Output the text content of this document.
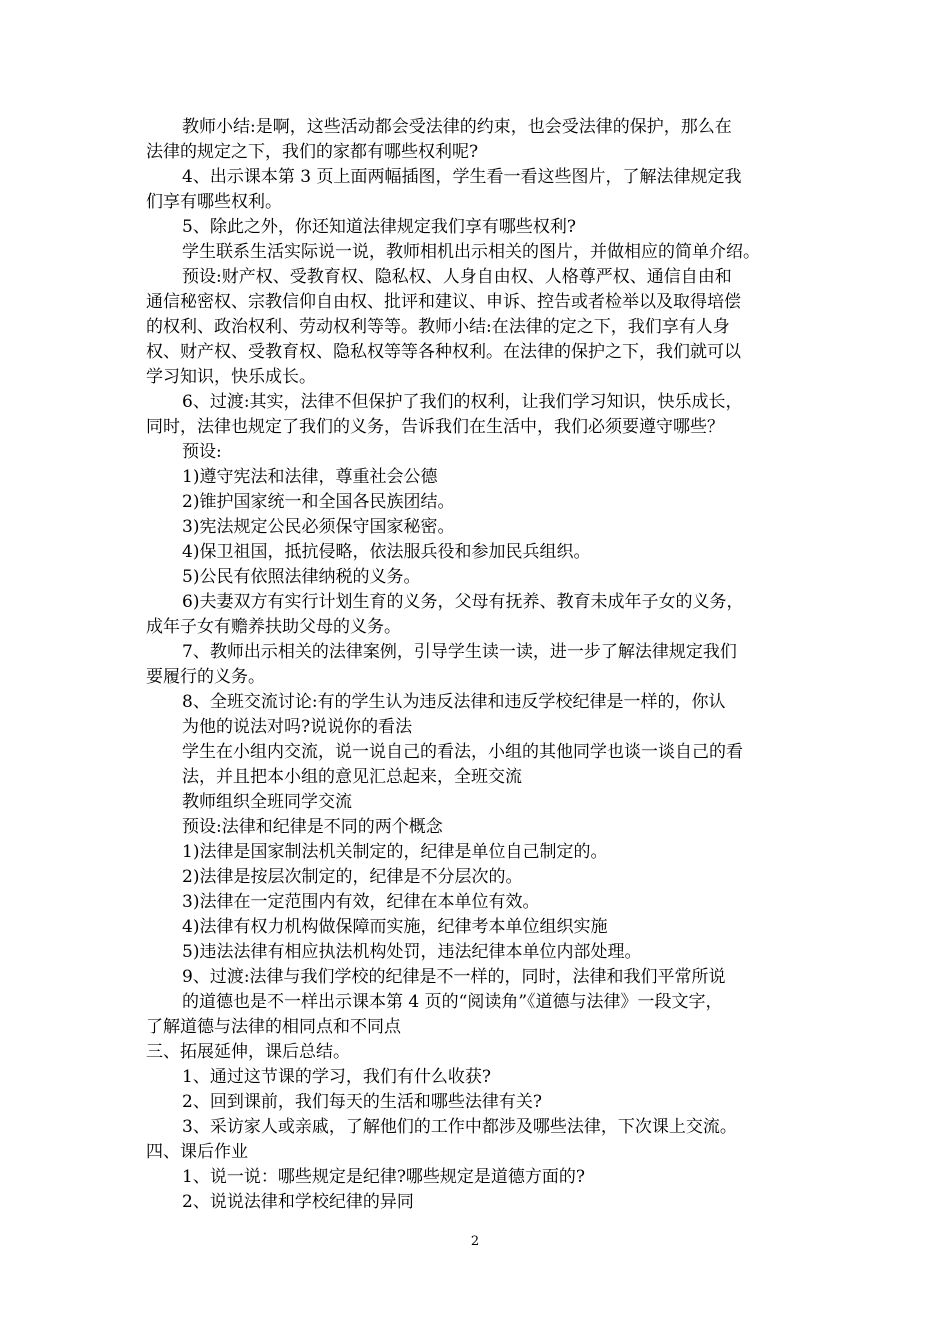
教师小结:是啊，这些活动都会受法律的约束，也会受法律的保护，那么在
法律的规定之下，我们的家都有哪些权利呢?
4、出示课本第 3 页上面两幅插图，学生看一看这些图片，了解法律规定我
们享有哪些权利。
5、除此之外，你还知道法律规定我们享有哪些权利?
学生联系生活实际说一说，教师相机出示相关的图片，并做相应的简单介绍。
预设:财产权、受教育权、隐私权、人身自由权、人格尊严权、通信自由和
通信秘密权、宗教信仰自由权、批评和建议、申诉、控告或者检举以及取得培偿
的权利、政治权利、劳动权利等等。教师小结:在法律的定之下，我们享有人身
权、财产权、受教育权、隐私权等等各种权利。在法律的保护之下，我们就可以
学习知识，快乐成长。
6、过渡:其实，法律不但保护了我们的权利，让我们学习知识，快乐成长，
同时，法律也规定了我们的义务，告诉我们在生活中，我们必须要遵守哪些？
预设:
1)遵守宪法和法律，尊重社会公德
2)锥护国家统一和全国各民族团结。
3)宪法规定公民必须保守国家秘密。
4)保卫祖国，抵抗侵略，依法服兵役和参加民兵组织。
5)公民有依照法律纳税的义务。
6)夫妻双方有实行计划生育的义务，父母有抚养、教育未成年子女的义务，
成年子女有赡养扶助父母的义务。
7、教师出示相关的法律案例，引导学生读一读，进一步了解法律规定我们
要履行的义务。
8、全班交流讨论:有的学生认为违反法律和违反学校纪律是一样的，你认
为他的说法对吗?说说你的看法
学生在小组内交流，说一说自己的看法，小组的其他同学也谈一谈自己的看
法，并且把本小组的意见汇总起来，全班交流
教师组织全班同学交流
预设:法律和纪律是不同的两个概念
1)法律是国家制法机关制定的，纪律是单位自己制定的。
2)法律是按层次制定的，纪律是不分层次的。
3)法律在一定范围内有效，纪律在本单位有效。
4)法律有权力机构做保障而实施，纪律考本单位组织实施
5)违法法律有相应执法机构处罚，违法纪律本单位内部处理。
9、过渡:法律与我们学校的纪律是不一样的，同时，法律和我们平常所说
的道德也是不一样出示课本第 4 页的“阅读角”《道德与法律》一段文字，
了解道德与法律的相同点和不同点
三、拓展延伸，课后总结。
1、通过这节课的学习，我们有什么收获?
2、回到课前，我们每天的生活和哪些法律有关?
3、采访家人或亲戚，了解他们的工作中都涉及哪些法律，下次课上交流。
四、课后作业
1、说一说：哪些规定是纪律?哪些规定是道德方面的?
2、说说法律和学校纪律的异同
2
